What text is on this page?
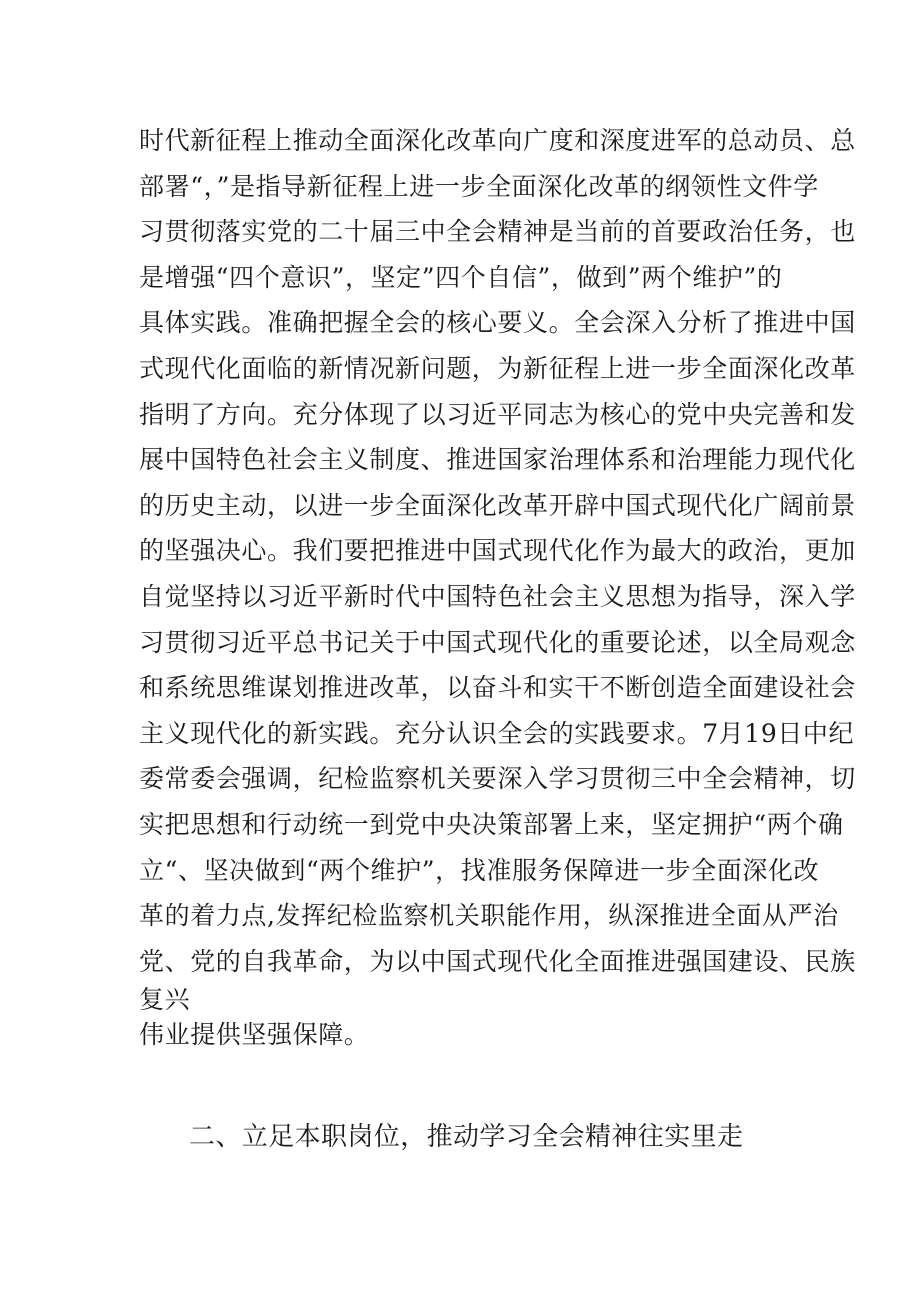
时代新征程上推动全面深化改革向广度和深度进军的总动员、总
部署“，”是指导新征程上进一步全面深化改革的纲领性文件学
习贯彻落实党的二十届三中全会精神是当前的首要政治任务，也
是增强“四个意识”，坚定”四个自信”，做到”两个维护”的
具体实践。准确把握全会的核心要义。全会深入分析了推进中国
式现代化面临的新情况新问题，为新征程上进一步全面深化改革
指明了方向。充分体现了以习近平同志为核心的党中央完善和发
展中国特色社会主义制度、推进国家治理体系和治理能力现代化
的历史主动，以进一步全面深化改革开辟中国式现代化广阔前景
的坚强决心。我们要把推进中国式现代化作为最大的政治，更加
自觉坚持以习近平新时代中国特色社会主义思想为指导，深入学
习贯彻习近平总书记关于中国式现代化的重要论述，以全局观念
和系统思维谋划推进改革，以奋斗和实干不断创造全面建设社会
主义现代化的新实践。充分认识全会的实践要求。7月19日中纪
委常委会强调，纪检监察机关要深入学习贯彻三中全会精神，切
实把思想和行动统一到党中央决策部署上来，坚定拥护“两个确
立“、坚决做到“两个维护”，找准服务保障进一步全面深化改
革的着力点,发挥纪检监察机关职能作用，纵深推进全面从严治
党、党的自我革命，为以中国式现代化全面推进强国建设、民族
复兴
伟业提供坚强保障。
二、立足本职岗位，推动学习全会精神往实里走
